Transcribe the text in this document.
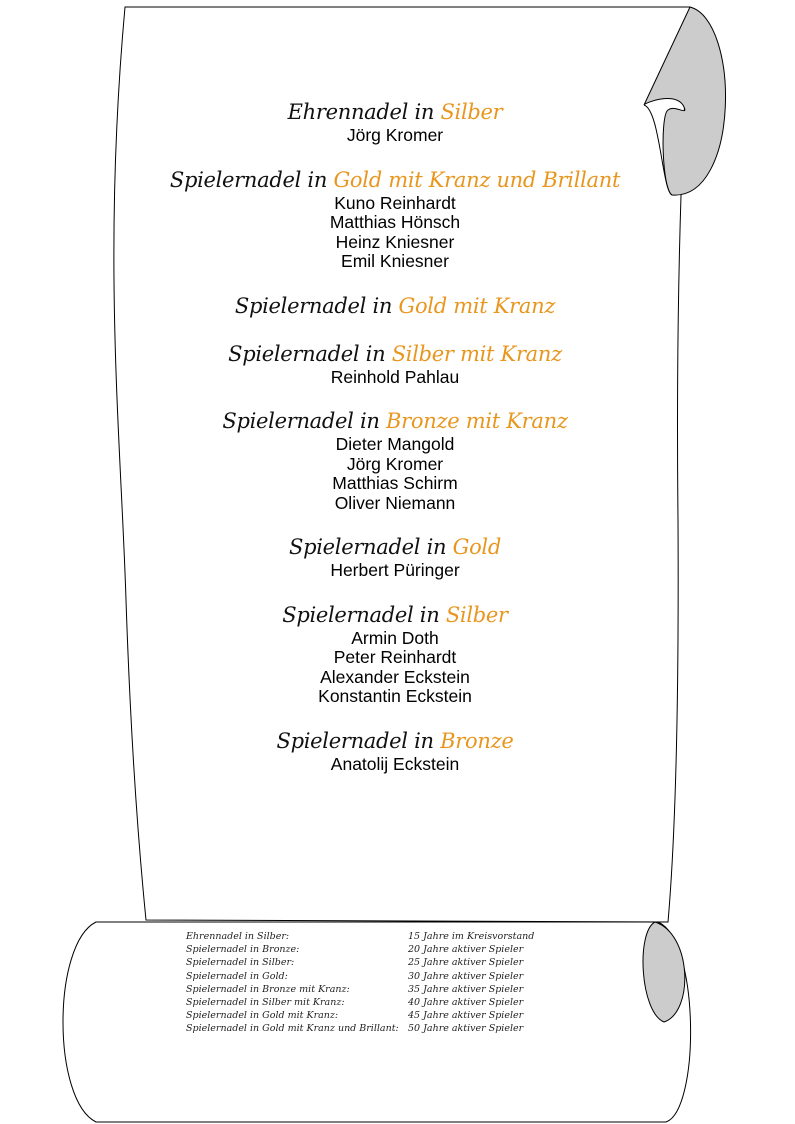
Ehrennadel in Silber
Jörg Kromer
Spielernadel in Gold mit Kranz und Brillant
Kuno Reinhardt
Matthias Hönsch
Heinz Kniesner
Emil Kniesner
Spielernadel in Gold mit Kranz
Spielernadel in Silber mit Kranz
Reinhold Pahlau
Spielernadel in Bronze mit Kranz
Dieter Mangold
Jörg Kromer
Matthias Schirm
Oliver Niemann
Spielernadel in Gold
Herbert Püringer
Spielernadel in Silber
Armin Doth
Peter Reinhardt
Alexander Eckstein
Konstantin Eckstein
Spielernadel in Bronze
Anatolij Eckstein
Ehrennadel in Silber:	15 Jahre im Kreisvorstand
Spielernadel in Bronze:	20 Jahre aktiver Spieler
Spielernadel in Silber:	25 Jahre aktiver Spieler
Spielernadel in Gold:	30 Jahre aktiver Spieler
Spielernadel in Bronze mit Kranz:	35 Jahre aktiver Spieler
Spielernadel in Silber mit Kranz:	40 Jahre aktiver Spieler
Spielernadel in Gold mit Kranz:	45 Jahre aktiver Spieler
Spielernadel in Gold mit Kranz und Brillant: 50 Jahre aktiver Spieler
